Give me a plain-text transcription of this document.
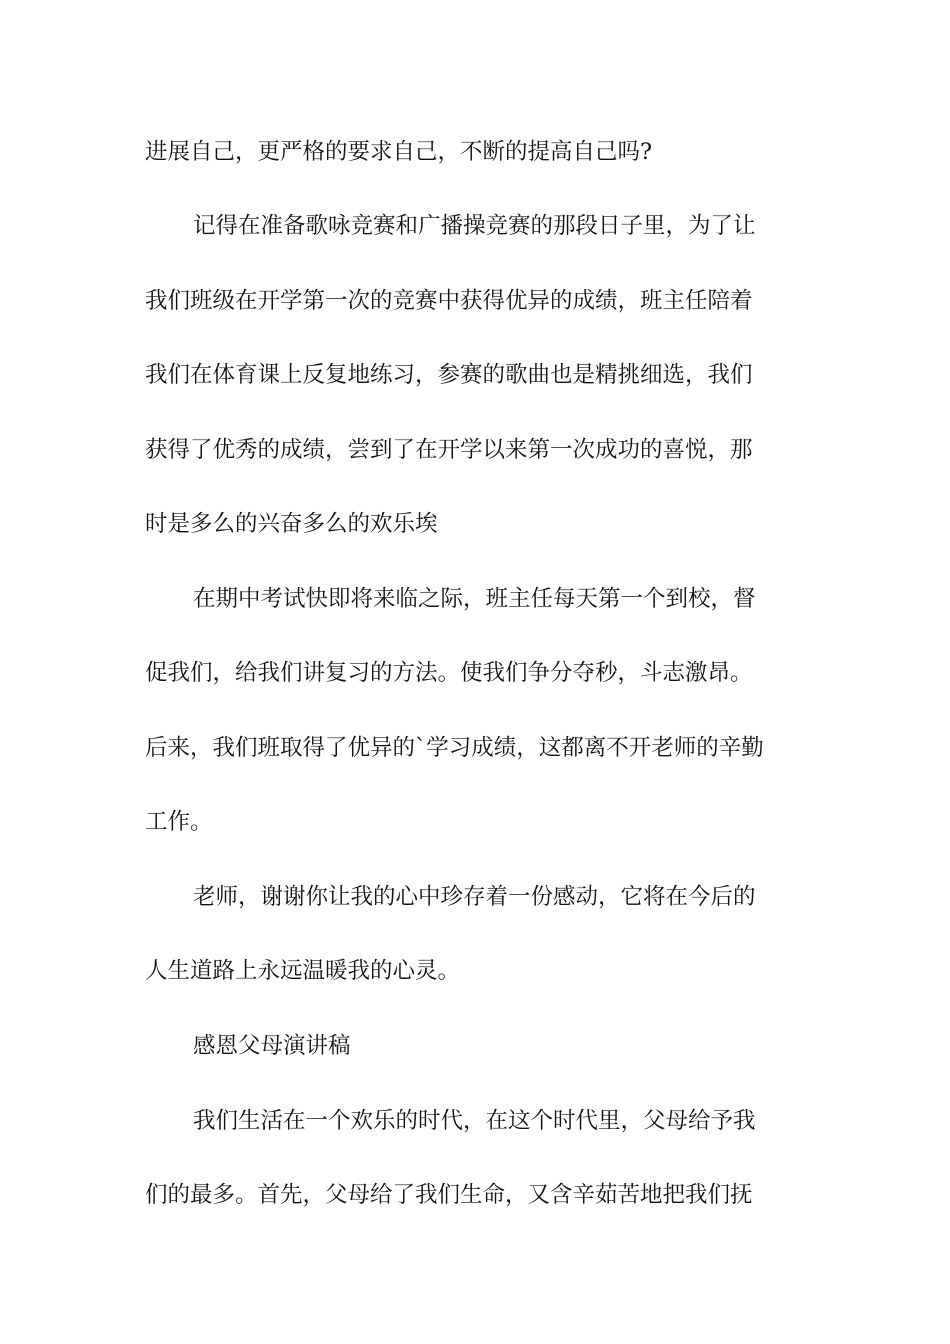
进展自己，更严格的要求自己，不断的提高自己吗?
记得在准备歌咏竞赛和广播操竞赛的那段日子里，为了让
我们班级在开学第一次的竞赛中获得优异的成绩，班主任陪着
我们在体育课上反复地练习，参赛的歌曲也是精挑细选，我们
获得了优秀的成绩，尝到了在开学以来第一次成功的喜悦，那
时是多么的兴奋多么的欢乐埃
在期中考试快即将来临之际，班主任每天第一个到校，督
促我们，给我们讲复习的方法。使我们争分夺秒，斗志激昂。
后来，我们班取得了优异的`学习成绩，这都离不开老师的辛勤
工作。
老师，谢谢你让我的心中珍存着一份感动，它将在今后的
人生道路上永远温暖我的心灵。
感恩父母演讲稿
我们生活在一个欢乐的时代，在这个时代里，父母给予我
们的最多。首先，父母给了我们生命，又含辛茹苦地把我们抚
